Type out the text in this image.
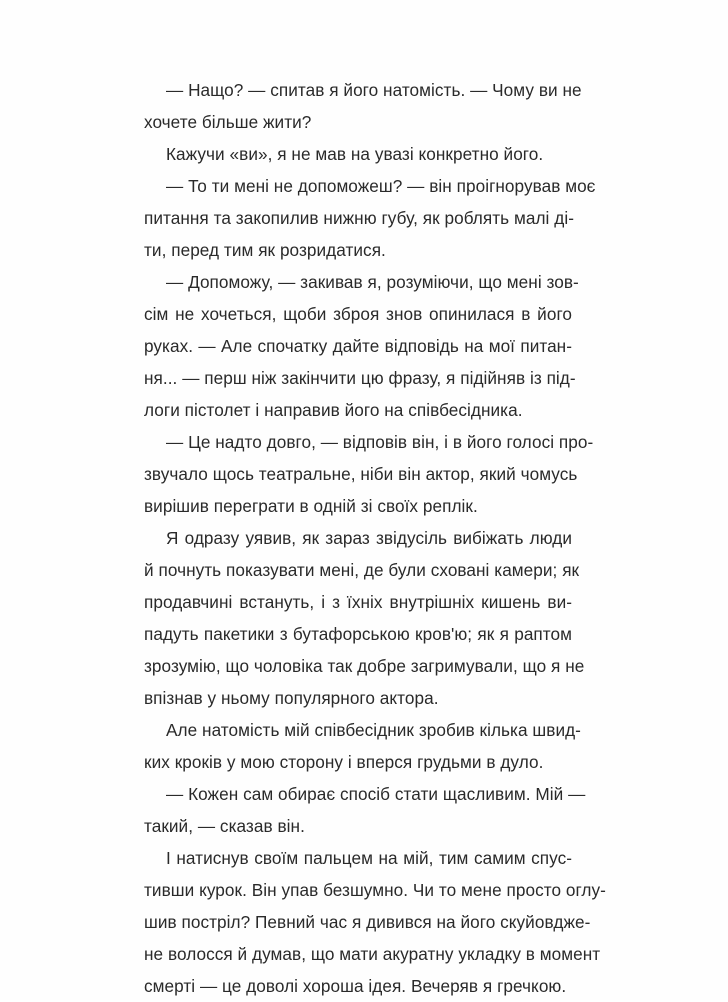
— Нащо? — спитав я його натомість. — Чому ви не
хочете більше жити?
Кажучи «ви», я не мав на увазі конкретно його.
— То ти мені не допоможеш? — він проігнорував моє
питання та закопилив нижню губу, як роблять малі ді-
ти, перед тим як розридатися.
— Допоможу, — закивав я, розуміючи, що мені зов-
сім не хочеться, щоби зброя знов опинилася в його
руках. — Але спочатку дайте відповідь на мої питан-
ня... — перш ніж закінчити цю фразу, я підійняв із під-
логи пістолет і направив його на співбесідника.
— Це надто довго, — відповів він, і в його голосі про-
звучало щось театральне, ніби він актор, який чомусь
вирішив переграти в одній зі своїх реплік.
Я одразу уявив, як зараз звідусіль вибіжать люди
й почнуть показувати мені, де були сховані камери; як
продавчині встануть, і з їхніх внутрішніх кишень ви-
падуть пакетики з бутафорською кров'ю; як я раптом
зрозумію, що чоловіка так добре загримували, що я не
впізнав у ньому популярного актора.
Але натомість мій співбесідник зробив кілька швид-
ких кроків у мою сторону і вперся грудьми в дуло.
— Кожен сам обирає спосіб стати щасливим. Мій —
такий, — сказав він.
І натиснув своїм пальцем на мій, тим самим спус-
тивши курок. Він упав безшумно. Чи то мене просто оглу-
шив постріл? Певний час я дивився на його скуйовдже-
не волосся й думав, що мати акуратну укладку в момент
смерті — це доволі хороша ідея. Вечеряв я гречкою.
